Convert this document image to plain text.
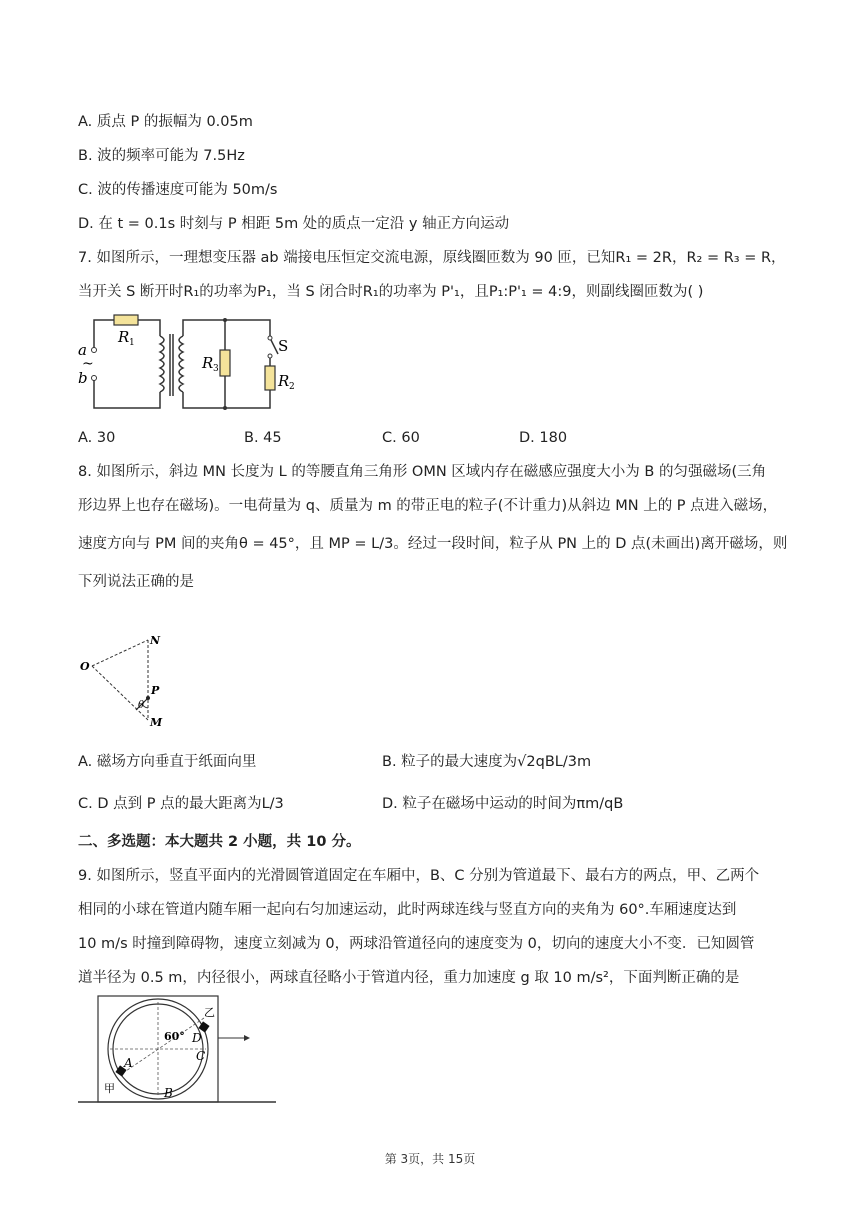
A. 质点 P 的振幅为 0.05m
B. 波的频率可能为 7.5Hz
C. 波的传播速度可能为 50m/s
D. 在 t = 0.1s 时刻与 P 相距 5m 处的质点一定沿 y 轴正方向运动
7. 如图所示，一理想变压器 ab 端接电压恒定交流电源，原线圈匝数为 90 匝，已知R₁ = 2R，R₂ = R₃ = R，
当开关 S 断开时R₁的功率为P₁，当 S 闭合时R₁的功率为 P'₁，且P₁:P'₁ = 4:9，则副线圈匝数为( )
a
~
b
R 1
R 3
R 2
S
A. 30	B. 45	C. 60	D. 180
8. 如图所示，斜边 MN 长度为 L 的等腰直角三角形 OMN 区域内存在磁感应强度大小为 B 的匀强磁场(三角
形边界上也存在磁场)。一电荷量为 q、质量为 m 的带正电的粒子(不计重力)从斜边 MN 上的 P 点进入磁场，
速度方向与 PM 间的夹角θ = 45°，且 MP = L/3。经过一段时间，粒子从 PN 上的 D 点(未画出)离开磁场，则
下列说法正确的是
N
O
P
θ
M
A. 磁场方向垂直于纸面向里	B. 粒子的最大速度为√2qBL/3m
C. D 点到 P 点的最大距离为L/3	D. 粒子在磁场中运动的时间为πm/qB
二、多选题：本大题共 2 小题，共 10 分。
9. 如图所示，竖直平面内的光滑圆管道固定在车厢中，B、C 分别为管道最下、最右方的两点，甲、乙两个
相同的小球在管道内随车厢一起向右匀加速运动，此时两球连线与竖直方向的夹角为 60°.车厢速度达到
10 m/s 时撞到障碍物，速度立刻减为 0，两球沿管道径向的速度变为 0，切向的速度大小不变．已知圆管
道半径为 0.5 m，内径很小，两球直径略小于管道内径，重力加速度 g 取 10 m/s²，下面判断正确的是
60°
A
B
C
D
甲
乙
第 3页，共 15页
